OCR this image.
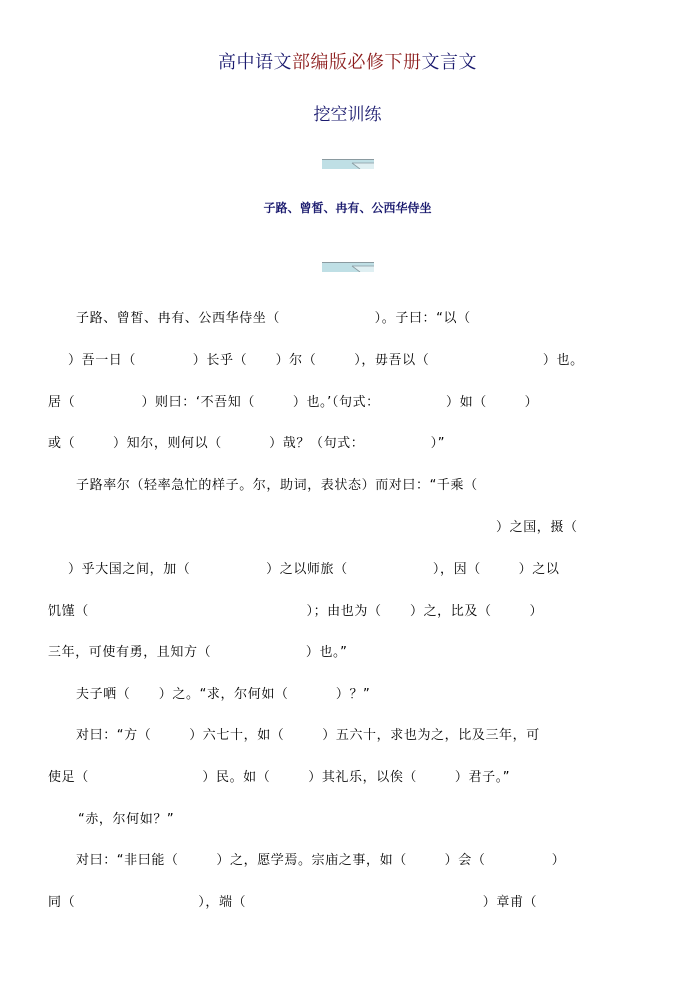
高中语文部编版必修下册文言文
挖空训练
子路、曾皙、冉有、公西华侍坐
子路、曾皙、冉有、公西华侍坐（                    ）。子曰：“以（
）吾一日（            ）长乎（      ）尔（        ），毋吾以（                        ）也。
居（              ）则曰：‘不吾知（        ）也。’（句式：              ）如（        ）
或（        ）知尔，则何以（          ）哉？（句式：              ）”
子路率尔（轻率急忙的样子。尔，助词，表状态）而对曰：“千乘（
）之国，摄（
）乎大国之间，加（                ）之以师旅（                  ），因（        ）之以
饥馑（                                              ）；由也为（      ）之，比及（        ）
三年，可使有勇，且知方（                    ）也。”
夫子哂（      ）之。“求，尔何如（          ）？”
对曰：“方（        ）六七十，如（        ）五六十，求也为之，比及三年，可
使足（                        ）民。如（        ）其礼乐，以俟（        ）君子。”
“赤，尔何如？”
对曰：“非曰能（        ）之，愿学焉。宗庙之事，如（        ）会（              ）
同（                          ），端（                                                  ）章甫（
